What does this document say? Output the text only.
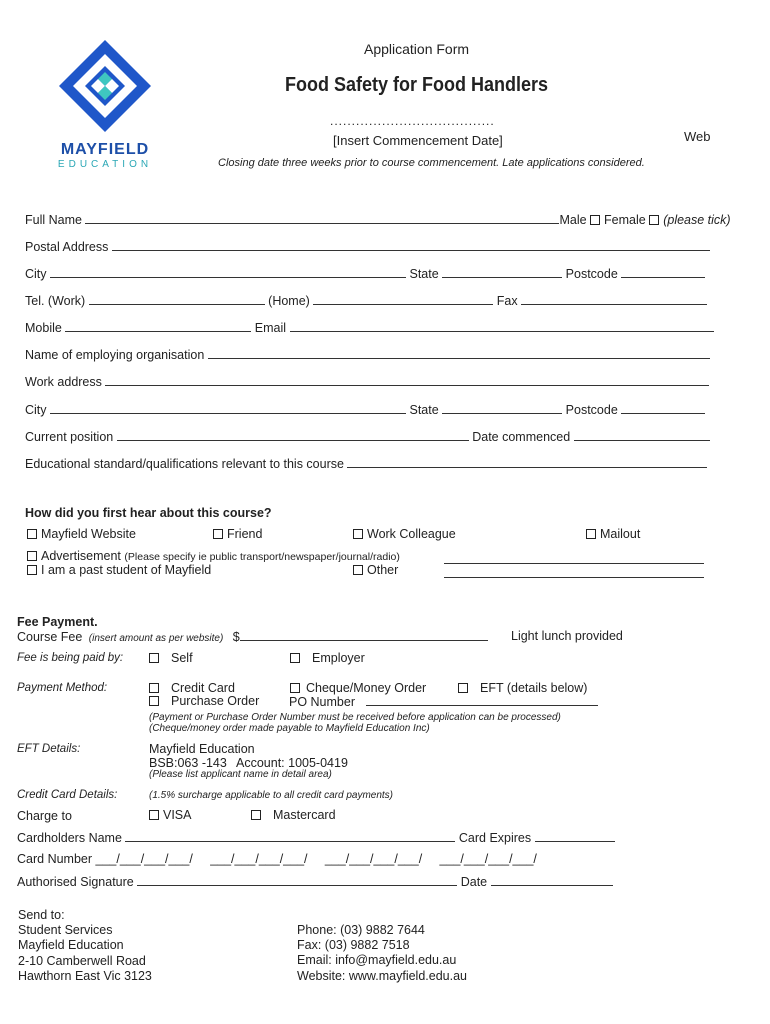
MAYFIELD
EDUCATION
Application Form
Food Safety for Food Handlers
......................................
[Insert Commencement Date]	Web
Closing date three weeks prior to course commencement. Late applications considered.
Full Name	Male Female (please tick)
Postal Address
City	State	Postcode
Tel. (Work)	(Home)	Fax
Mobile	Email
Name of employing organisation
Work address
City	State	Postcode
Current position	Date commenced
Educational standard/qualifications relevant to this course
How did you first hear about this course?
Mayfield Website	Friend	Work Colleague	Mailout
Advertisement (Please specify ie public transport/newspaper/journal/radio)
I am a past student of Mayfield	Other
Fee Payment.
Course Fee (insert amount as per website) $	Light lunch provided
Fee is being paid by:	Self	Employer
Payment Method:	Credit Card	Cheque/Money Order	EFT (details below)
Purchase Order PO Number
(Payment or Purchase Order Number must be received before application can be processed)
(Cheque/money order made payable to Mayfield Education Inc)
EFT Details:	Mayfield Education
BSB:063 -143 Account: 1005-0419
(Please list applicant name in detail area)
Credit Card Details:	(1.5% surcharge applicable to all credit card payments)
Charge to	VISA	Mastercard
Cardholders Name	Card Expires
Card Number ___/___/___/___/     ___/___/___/___/     ___/___/___/___/     ___/___/___/___/
Authorised Signature	Date
Send to:
Student Services
Mayfield Education
2-10 Camberwell Road
Hawthorn East Vic 3123
Phone: (03) 9882 7644
Fax: (03) 9882 7518
Email: info@mayfield.edu.au
Website: www.mayfield.edu.au
